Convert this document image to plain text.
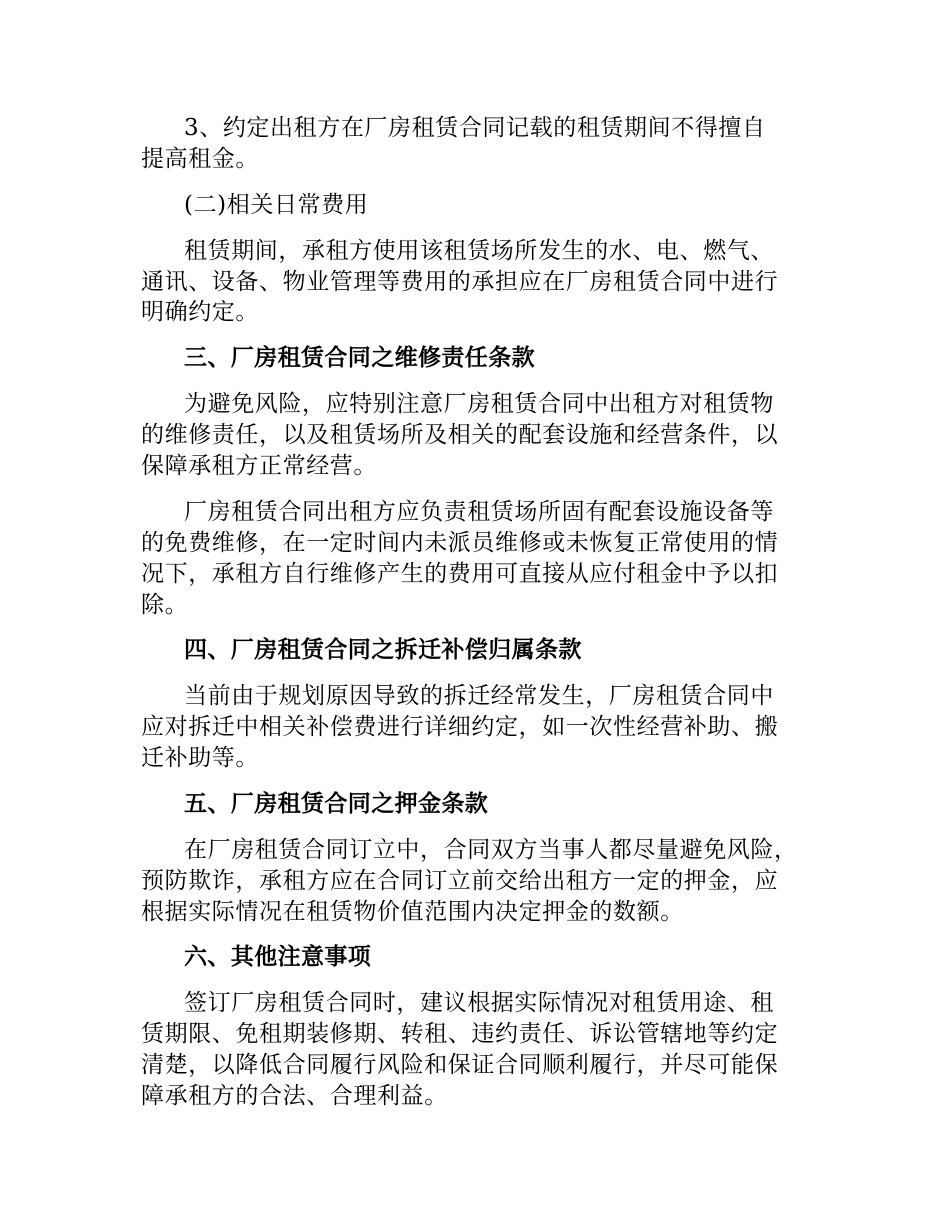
3、约定出租方在厂房租赁合同记载的租赁期间不得擅自
提高租金。
(二)相关日常费用
租赁期间，承租方使用该租赁场所发生的水、电、燃气、
通讯、设备、物业管理等费用的承担应在厂房租赁合同中进行
明确约定。
三、厂房租赁合同之维修责任条款
为避免风险，应特别注意厂房租赁合同中出租方对租赁物
的维修责任，以及租赁场所及相关的配套设施和经营条件，以
保障承租方正常经营。
厂房租赁合同出租方应负责租赁场所固有配套设施设备等
的免费维修，在一定时间内未派员维修或未恢复正常使用的情
况下，承租方自行维修产生的费用可直接从应付租金中予以扣
除。
四、厂房租赁合同之拆迁补偿归属条款
当前由于规划原因导致的拆迁经常发生，厂房租赁合同中
应对拆迁中相关补偿费进行详细约定，如一次性经营补助、搬
迁补助等。
五、厂房租赁合同之押金条款
在厂房租赁合同订立中，合同双方当事人都尽量避免风险，
预防欺诈，承租方应在合同订立前交给出租方一定的押金，应
根据实际情况在租赁物价值范围内决定押金的数额。
六、其他注意事项
签订厂房租赁合同时，建议根据实际情况对租赁用途、租
赁期限、免租期装修期、转租、违约责任、诉讼管辖地等约定
清楚，以降低合同履行风险和保证合同顺利履行，并尽可能保
障承租方的合法、合理利益。
